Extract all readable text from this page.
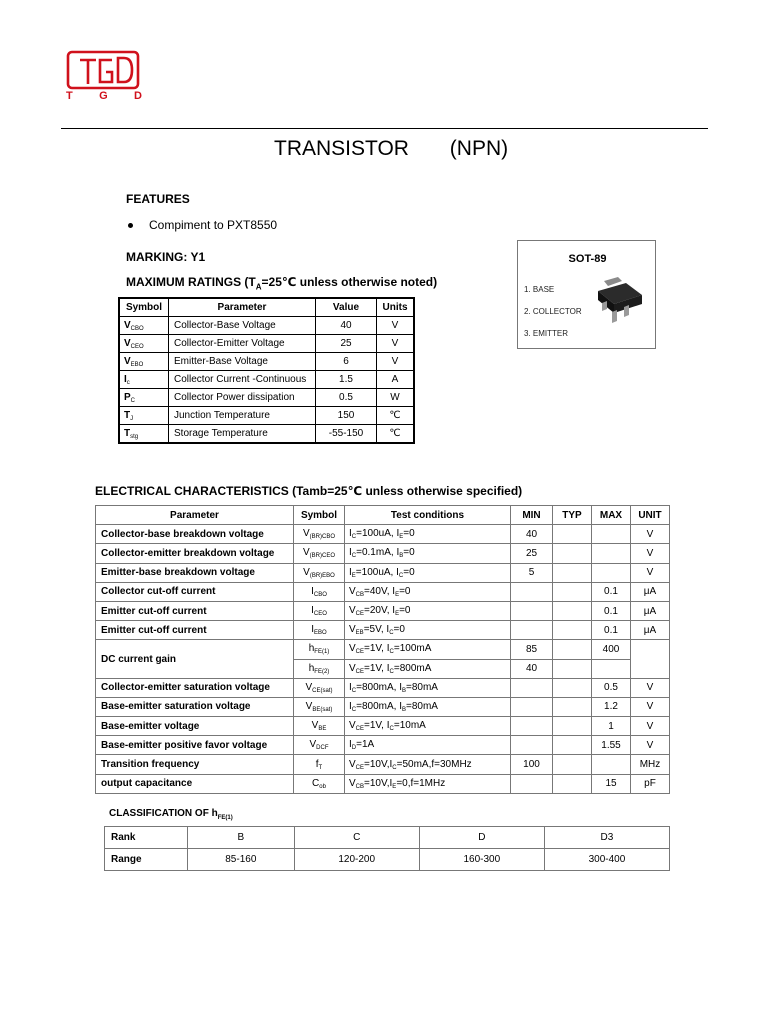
T G D
TRANSISTOR       (NPN)
FEATURES
Compiment to PXT8550
MARKING: Y1
MAXIMUM RATINGS ($T_A=25℃$ unless otherwise noted)
Symbol	Parameter	Value	Units
$V_{CBO}$	Collector-Base Voltage	40	V
$V_{CEO}$	Collector-Emitter Voltage	25	V
$V_{EBO}$	Emitter-Base Voltage	6	V
$I_c$	Collector Current -Continuous	1.5	A
$P_C$	Collector Power dissipation	0.5	W
$T_J$	Junction Temperature	150	℃
$T_{stg}$	Storage Temperature	-55-150	℃
SOT-89
1. BASE
2. COLLECTOR
3. EMITTER
ELECTRICAL CHARACTERISTICS (Tamb=25℃ unless otherwise specified)
Parameter	Symbol	Test conditions	MIN	TYP	MAX	UNIT
Collector-base breakdown voltage	$V_{(BR)CBO}$	$I_C=100uA$, $I_E=0$	40			V
Collector-emitter breakdown voltage	$V_{(BR)CEO}$	$I_C=0.1mA$, $I_B=0$	25			V
Emitter-base breakdown voltage	$V_{(BR)EBO}$	$I_E=100uA$, $I_C=0$	5			V
Collector cut-off current	$I_{CBO}$	$V_{CB}=40V$, $I_E=0$			0.1	μA
Emitter cut-off current	$I_{CEO}$	$V_{CE}=20V$, $I_E=0$			0.1	μA
Emitter cut-off current	$I_{EBO}$	$V_{EB}=5V$, $I_C=0$			0.1	μA
DC current gain	$h_{FE(1)}$	$V_{CE}=1V$, $I_C=100mA$	85		400	
	$h_{FE(2)}$	$V_{CE}=1V$, $I_C=800mA$	40			
Collector-emitter saturation voltage	$V_{CE(sat)}$	$I_C=800mA$, $I_B=80mA$			0.5	V
Base-emitter saturation voltage	$V_{BE(sat)}$	$I_C=800mA$, $I_B=80mA$			1.2	V
Base-emitter voltage	$V_{BE}$	$V_{CE}=1V$, $I_C=10mA$			1	V
Base-emitter positive favor voltage	$V_{DCF}$	$I_D=1A$			1.55	V
Transition frequency	$f_T$	$V_{CE}=10V,I_C=50mA,f=30MHz$	100			MHz
output capacitance	$C_{ob}$	$V_{CB}=10V,I_E=0,f=1MHz$			15	pF
CLASSIFICATION OF $h_{FE(1)}$
Rank	B	C	D	D3
Range	85-160	120-200	160-300	300-400
